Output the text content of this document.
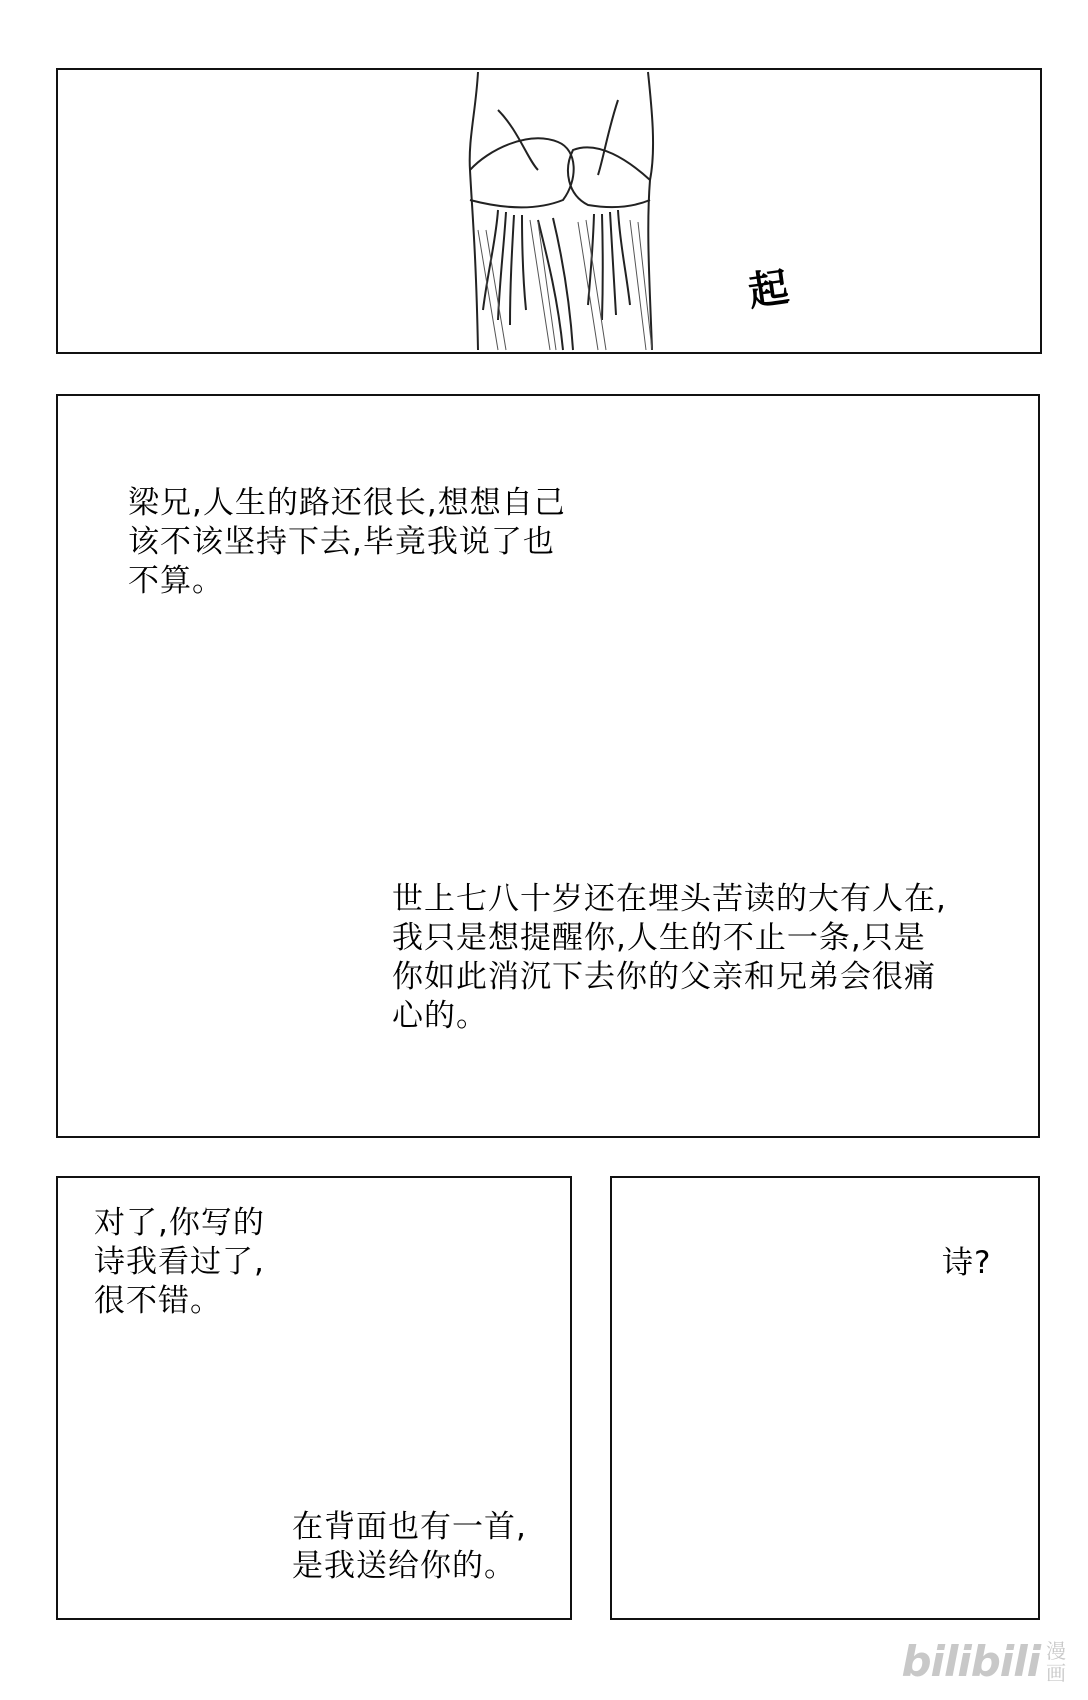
起
梁兄,人生的路还很长,想想自己
该不该坚持下去,毕竟我说了也
不算。
世上七八十岁还在埋头苦读的大有人在,
我只是想提醒你,人生的不止一条,只是
你如此消沉下去你的父亲和兄弟会很痛
心的。
对了,你写的
诗我看过了,
很不错。
在背面也有一首,
是我送给你的。
诗?
bilibili 漫
画
